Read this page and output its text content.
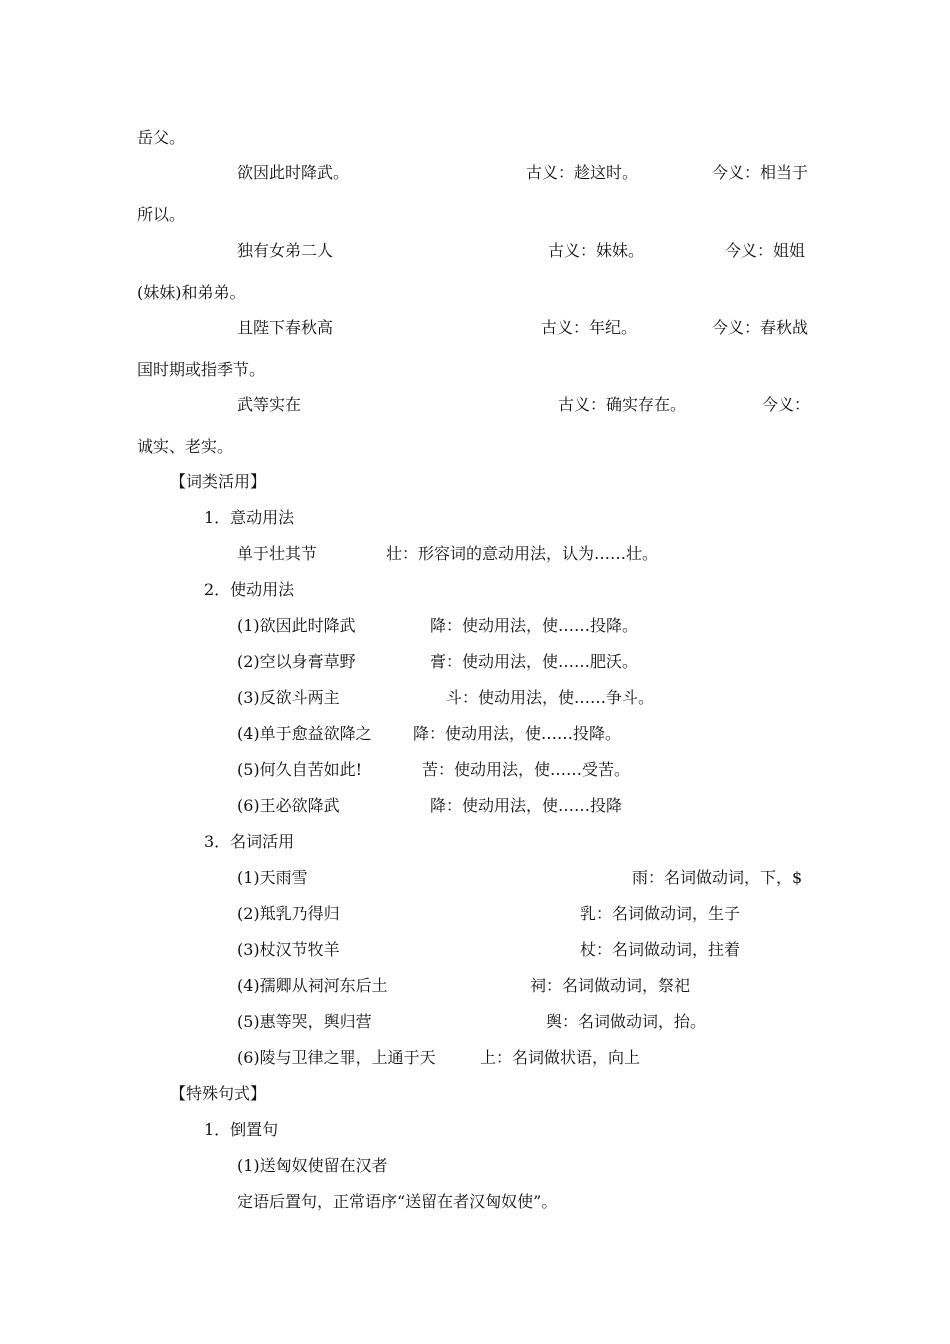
岳父。
欲因此时降武。	古义：趁这时。	今义：相当于
所以。
独有女弟二人	古义：妹妹。	今义：姐姐
(妹妹)和弟弟。
且陛下春秋高	古义：年纪。	今义：春秋战
国时期或指季节。
武等实在	古义：确实存在。	今义：
诚实、老实。
【词类活用】
1．意动用法
单于壮其节	壮：形容词的意动用法，认为……壮。
2．使动用法
(1)欲因此时降武	降：使动用法，使……投降。
(2)空以身膏草野	膏：使动用法，使……肥沃。
(3)反欲斗两主	斗：使动用法，使……争斗。
(4)单于愈益欲降之	降：使动用法，使……投降。
(5)何久自苦如此!	苦：使动用法，使……受苦。
(6)王必欲降武	降：使动用法，使……投降
3．名词活用
(1)天雨雪	雨：名词做动词，下，$
(2)羝乳乃得归	乳：名词做动词，生子
(3)杖汉节牧羊	杖：名词做动词，拄着
(4)孺卿从祠河东后土	祠：名词做动词，祭祀
(5)惠等哭，舆归营	舆：名词做动词，抬。
(6)陵与卫律之罪，上通于天	上：名词做状语，向上
【特殊句式】
1．倒置句
(1)送匈奴使留在汉者
定语后置句，正常语序“送留在者汉匈奴使”。
